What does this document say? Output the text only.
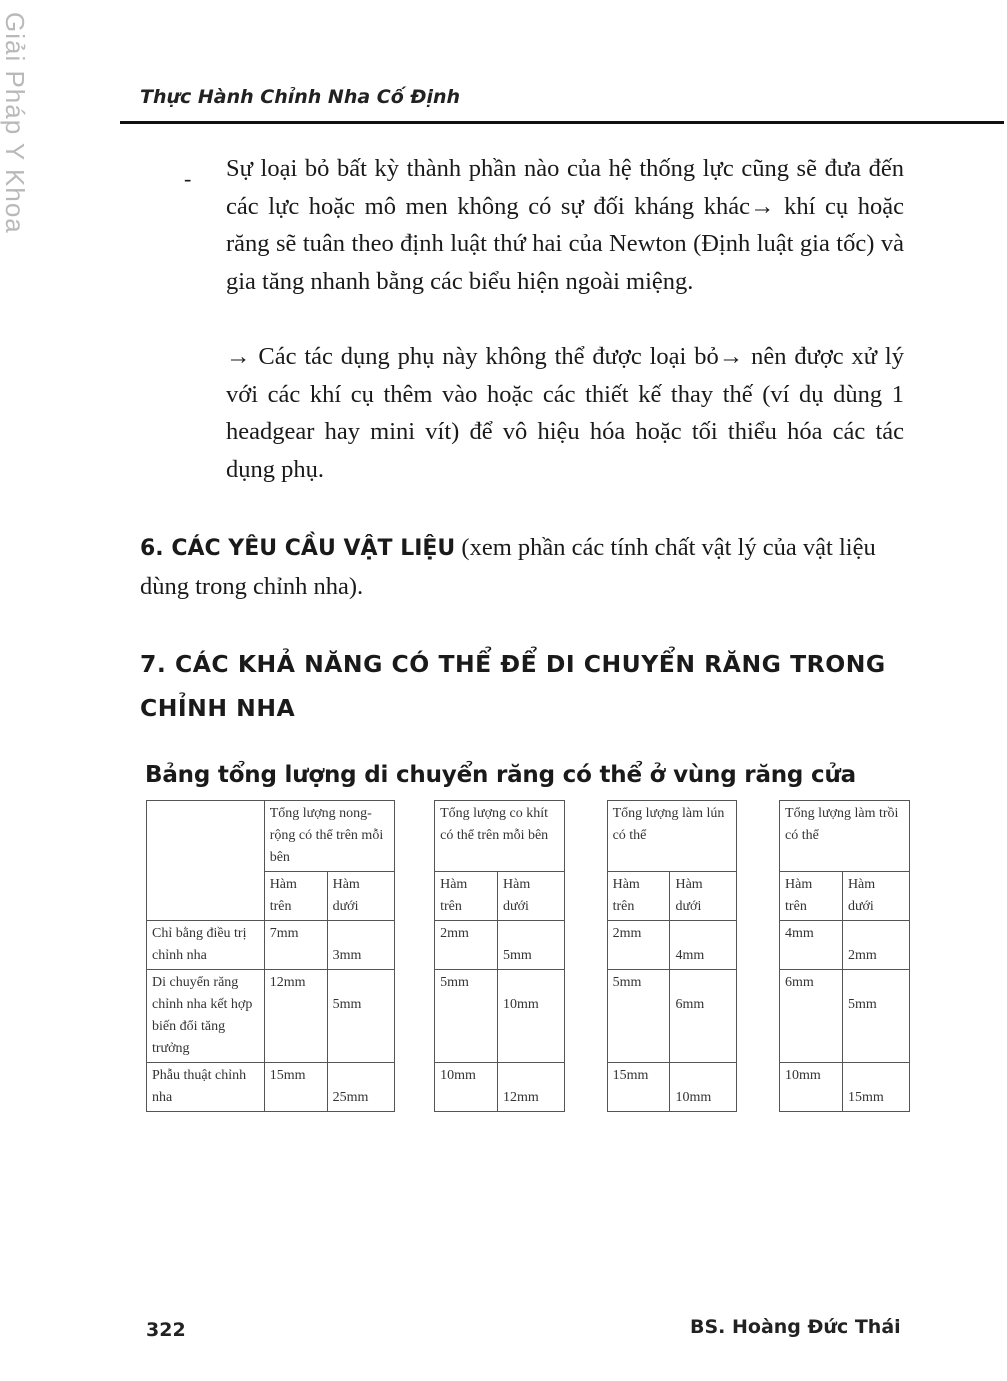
Giải Pháp Y Khoa	Thực Hành Chỉnh Nha Cố Định
- Sự loại bỏ bất kỳ thành phần nào của hệ thống lực cũng sẽ đưa đến các lực hoặc mô men không có sự đối kháng khác→ khí cụ hoặc răng sẽ tuân theo định luật thứ hai của Newton (Định luật gia tốc) và gia tăng nhanh bằng các biểu hiện ngoài miệng.
→ Các tác dụng phụ này không thể được loại bỏ→ nên được xử lý với các khí cụ thêm vào hoặc các thiết kế thay thế (ví dụ dùng 1 headgear hay mini vít) để vô hiệu hóa hoặc tối thiểu hóa các tác dụng phụ.
6. CÁC YÊU CẦU VẬT LIỆU (xem phần các tính chất vật lý của vật liệu dùng trong chỉnh nha).
7. CÁC KHẢ NĂNG CÓ THỂ ĐỂ DI CHUYỂN RĂNG TRONG CHỈNH NHA
Bảng tổng lượng di chuyển răng có thể ở vùng răng cửa
	Tổng lượng nong-rộng có thể trên mỗi bên			Tổng lượng co khít có thể trên mỗi bên			Tổng lượng làm lún có thể			Tổng lượng làm trồi có thể	
	Hàm trên	Hàm dưới		Hàm trên	Hàm dưới		Hàm trên	Hàm dưới		Hàm trên	Hàm dưới
Chỉ bằng điều trị chỉnh nha	7mm	3mm		2mm	5mm		2mm	4mm		4mm	2mm
Di chuyển răng chỉnh nha kết hợp biến đổi tăng trưởng	12mm	5mm		5mm	10mm		5mm	6mm		6mm	5mm
Phẫu thuật chỉnh nha	15mm	25mm		10mm	12mm		15mm	10mm		10mm	15mm
322	BS. Hoàng Đức Thái
